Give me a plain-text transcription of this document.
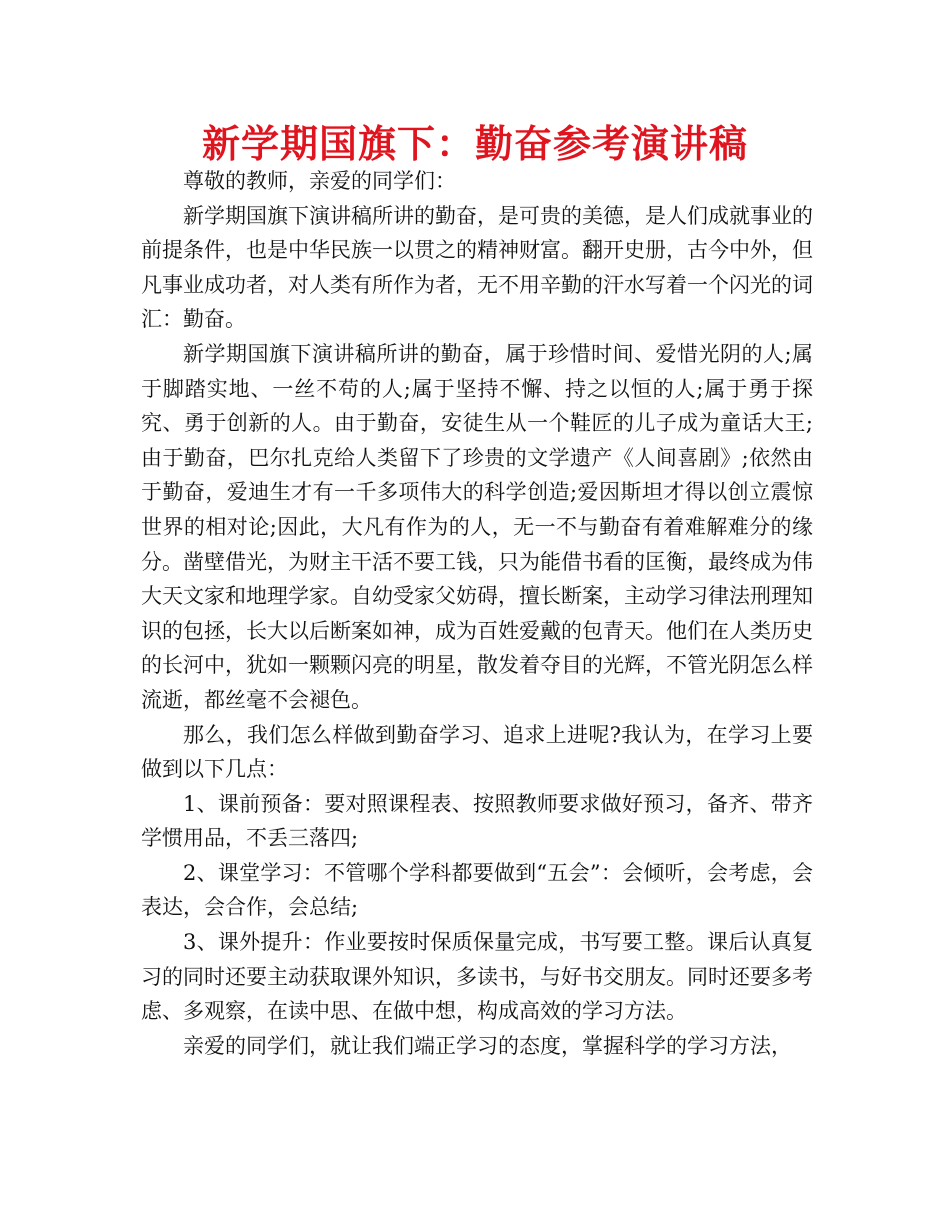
新学期国旗下：勤奋参考演讲稿

尊敬的教师，亲爱的同学们：

新学期国旗下演讲稿所讲的勤奋，是可贵的美德，是人们成就事业的前提条件，也是中华民族一以贯之的精神财富。翻开史册，古今中外，但凡事业成功者，对人类有所作为者，无不用辛勤的汗水写着一个闪光的词汇：勤奋。

新学期国旗下演讲稿所讲的勤奋，属于珍惜时间、爱惜光阴的人;属于脚踏实地、一丝不苟的人;属于坚持不懈、持之以恒的人;属于勇于探究、勇于创新的人。由于勤奋，安徒生从一个鞋匠的儿子成为童话大王;由于勤奋，巴尔扎克给人类留下了珍贵的文学遗产《人间喜剧》;依然由于勤奋，爱迪生才有一千多项伟大的科学创造;爱因斯坦才得以创立震惊世界的相对论;因此，大凡有作为的人，无一不与勤奋有着难解难分的缘分。凿壁借光，为财主干活不要工钱，只为能借书看的匡衡，最终成为伟大天文家和地理学家。自幼受家父妨碍，擅长断案，主动学习律法刑理知识的包拯，长大以后断案如神，成为百姓爱戴的包青天。他们在人类历史的长河中，犹如一颗颗闪亮的明星，散发着夺目的光辉，不管光阴怎么样流逝，都丝毫不会褪色。

那么，我们怎么样做到勤奋学习、追求上进呢?我认为，在学习上要做到以下几点：

1、课前预备：要对照课程表、按照教师要求做好预习，备齐、带齐学惯用品，不丢三落四;

2、课堂学习：不管哪个学科都要做到“五会”：会倾听，会考虑，会表达，会合作，会总结;

3、课外提升：作业要按时保质保量完成，书写要工整。课后认真复习的同时还要主动获取课外知识，多读书，与好书交朋友。同时还要多考虑、多观察，在读中思、在做中想，构成高效的学习方法。

亲爱的同学们，就让我们端正学习的态度，掌握科学的学习方法，
